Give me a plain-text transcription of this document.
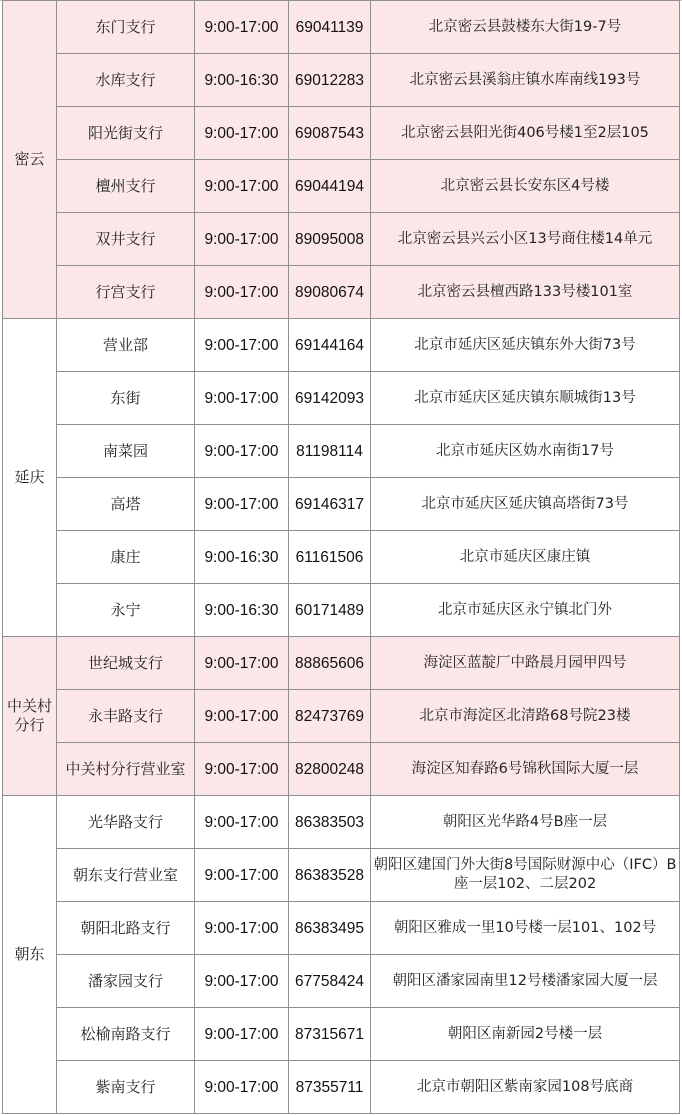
密云	东门支行	9:00-17:00	69041139	北京密云县鼓楼东大街19-7号
	水库支行	9:00-16:30	69012283	北京密云县溪翁庄镇水库南线193号
	阳光街支行	9:00-17:00	69087543	北京密云县阳光街406号楼1至2层105
	檀州支行	9:00-17:00	69044194	北京密云县长安东区4号楼
	双井支行	9:00-17:00	89095008	北京密云县兴云小区13号商住楼14单元
	行宫支行	9:00-17:00	89080674	北京密云县檀西路133号楼101室
延庆	营业部	9:00-17:00	69144164	北京市延庆区延庆镇东外大街73号
	东街	9:00-17:00	69142093	北京市延庆区延庆镇东顺城街13号
	南菜园	9:00-17:00	81198114	北京市延庆区妫水南街17号
	高塔	9:00-17:00	69146317	北京市延庆区延庆镇高塔街73号
	康庄	9:00-16:30	61161506	北京市延庆区康庄镇
	永宁	9:00-16:30	60171489	北京市延庆区永宁镇北门外
中关村分行	世纪城支行	9:00-17:00	88865606	海淀区蓝靛厂中路晨月园甲四号
	永丰路支行	9:00-17:00	82473769	北京市海淀区北清路68号院23楼
	中关村分行营业室	9:00-17:00	82800248	海淀区知春路6号锦秋国际大厦一层
朝东	光华路支行	9:00-17:00	86383503	朝阳区光华路4号B座一层
	朝东支行营业室	9:00-17:00	86383528	朝阳区建国门外大街8号国际财源中心（IFC）B座一层102、二层202
	朝阳北路支行	9:00-17:00	86383495	朝阳区雅成一里10号楼一层101、102号
	潘家园支行	9:00-17:00	67758424	朝阳区潘家园南里12号楼潘家园大厦一层
	松榆南路支行	9:00-17:00	87315671	朝阳区南新园2号楼一层
	紫南支行	9:00-17:00	87355711	北京市朝阳区紫南家园108号底商
